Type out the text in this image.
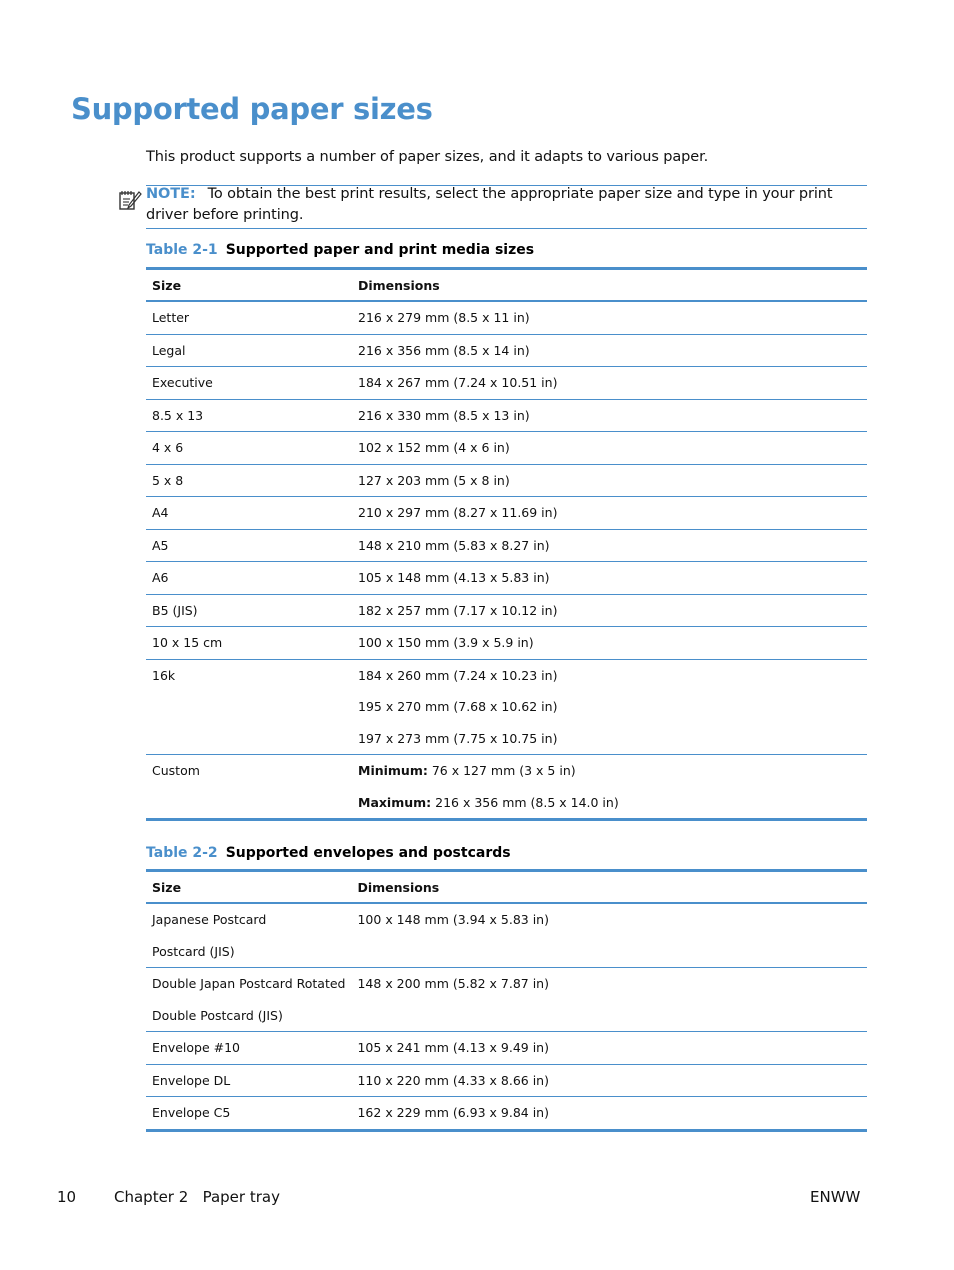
Supported paper sizes
This product supports a number of paper sizes, and it adapts to various paper.
NOTE: To obtain the best print results, select the appropriate paper size and type in your print driver before printing.
Table 2-1 Supported paper and print media sizes
Size	Dimensions

Letter	216 x 279 mm (8.5 x 11 in)

Legal	216 x 356 mm (8.5 x 14 in)

Executive	184 x 267 mm (7.24 x 10.51 in)

8.5 x 13	216 x 330 mm (8.5 x 13 in)

4 x 6	102 x 152 mm (4 x 6 in)

5 x 8	127 x 203 mm (5 x 8 in)

A4	210 x 297 mm (8.27 x 11.69 in)

A5	148 x 210 mm (5.83 x 8.27 in)

A6	105 x 148 mm (4.13 x 5.83 in)

B5 (JIS)	182 x 257 mm (7.17 x 10.12 in)

10 x 15 cm	100 x 150 mm (3.9 x 5.9 in)

16k	184 x 260 mm (7.24 x 10.23 in)
195 x 270 mm (7.68 x 10.62 in)
197 x 273 mm (7.75 x 10.75 in)

Custom	Minimum: 76 x 127 mm (3 x 5 in)
Maximum: 216 x 356 mm (8.5 x 14.0 in)
Table 2-2 Supported envelopes and postcards
Size	Dimensions

Japanese Postcard
Postcard (JIS)	100 x 148 mm (3.94 x 5.83 in)

Double Japan Postcard Rotated
Double Postcard (JIS)	148 x 200 mm (5.82 x 7.87 in)

Envelope #10	105 x 241 mm (4.13 x 9.49 in)

Envelope DL	110 x 220 mm (4.33 x 8.66 in)

Envelope C5	162 x 229 mm (6.93 x 9.84 in)
10	Chapter 2   Paper tray	ENWW
